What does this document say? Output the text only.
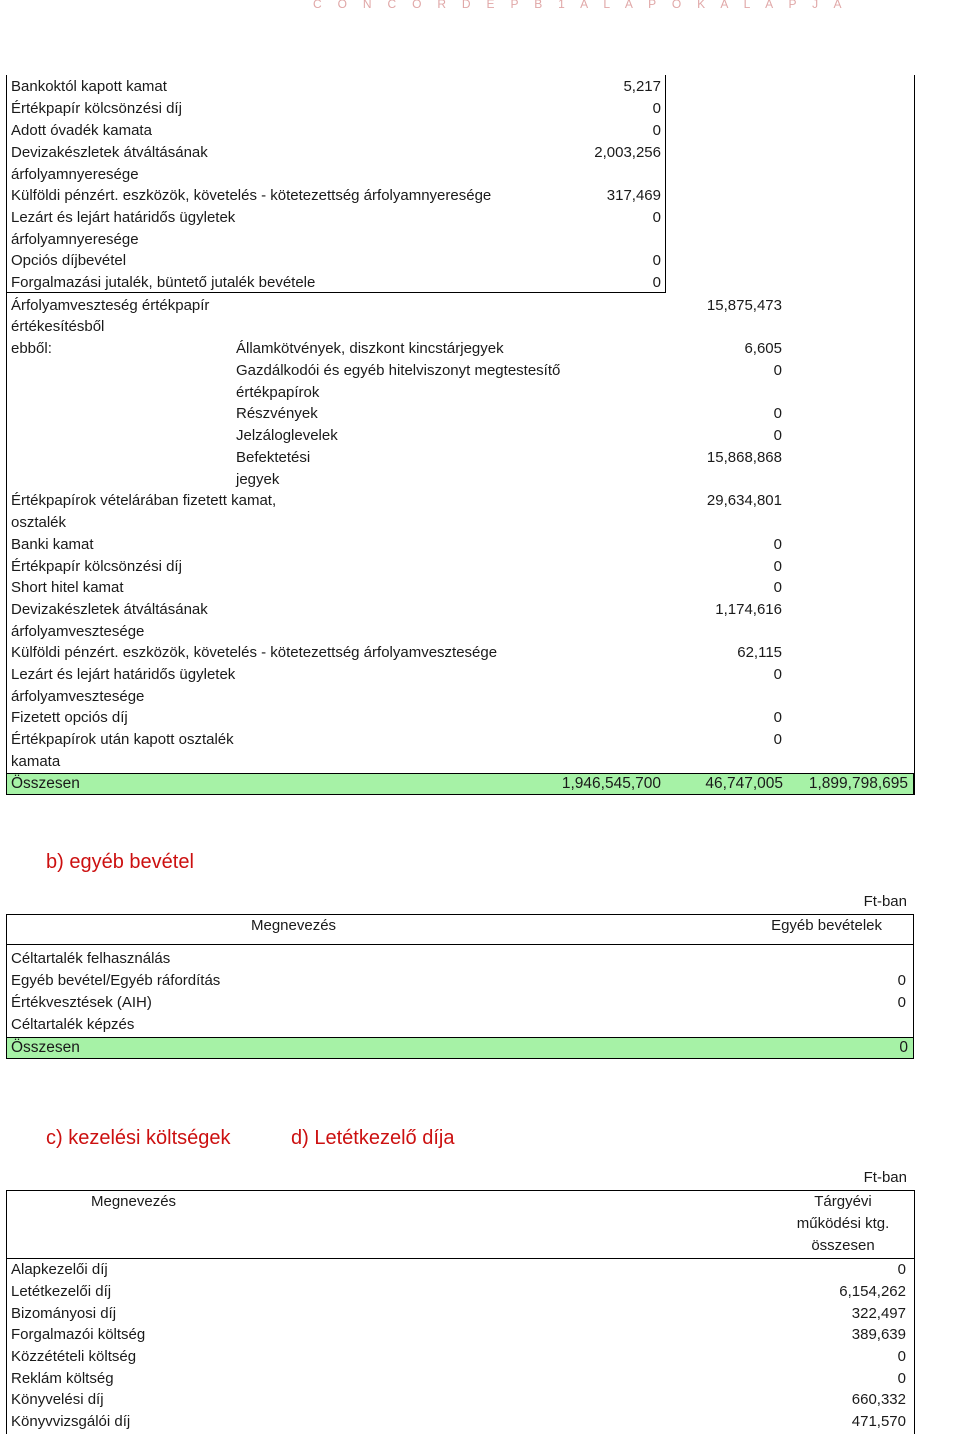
C O N C O R D E P B 1 A L A P O K A L A P J A
Bankoktól kapott kamat	5,217
Értékpapír kölcsönzési díj	0
Adott óvadék kamata	0
Devizakészletek átváltásának	2,003,256
árfolyamnyeresége
Külföldi pénzért. eszközök, követelés - kötetezettség árfolyamnyeresége	317,469
Lezárt és lejárt határidős ügyletek	0
árfolyamnyeresége
Opciós díjbevétel	0
Forgalmazási jutalék, büntető jutalék bevétele	0
Árfolyamveszteség értékpapír	15,875,473
értékesítésből
ebből:	Államkötvények, diszkont kincstárjegyek	6,605
Gazdálkodói és egyéb hitelviszonyt megtestesítő	0
értékpapírok
Részvények	0
Jelzáloglevelek	0
Befektetési	15,868,868
jegyek
Értékpapírok vételárában fizetett kamat,	29,634,801
osztalék
Banki kamat	0
Értékpapír kölcsönzési díj	0
Short hitel kamat	0
Devizakészletek átváltásának	1,174,616
árfolyamvesztesége
Külföldi pénzért. eszközök, követelés - kötetezettség árfolyamvesztesége	62,115
Lezárt és lejárt határidős ügyletek	0
árfolyamvesztesége
Fizetett opciós díj	0
Értékpapírok után kapott osztalék	0
kamata
Összesen	1,946,545,700	46,747,005 1,899,798,695
b) egyéb bevétel
Ft-ban
Megnevezés	Egyéb bevételek
Céltartalék felhasználás
Egyéb bevétel/Egyéb ráfordítás	0
Értékvesztések (AIH)	0
Céltartalék képzés
Összesen	0
c) kezelési költségek	d) Letétkezelő díja
Ft-ban
Megnevezés	Tárgyévi
működési ktg.
összesen
Alapkezelői díj	0
Letétkezelői díj	6,154,262
Bizományosi díj	322,497
Forgalmazói költség	389,639
Közzétételi költség	0
Reklám költség	0
Könyvelési díj	660,332
Könyvvizsgálói díj	471,570
